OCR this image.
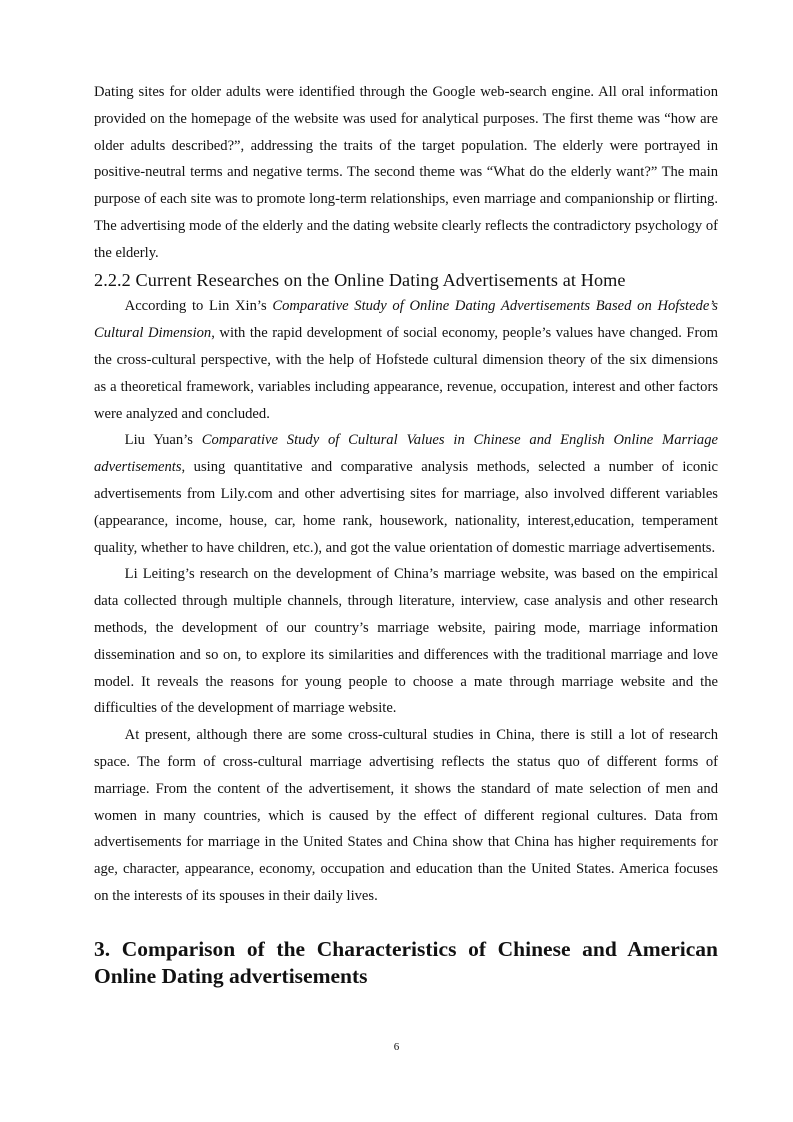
Dating sites for older adults were identified through the Google web-search engine. All oral information provided on the homepage of the website was used for analytical purposes. The first theme was “how are older adults described?”, addressing the traits of the target population. The elderly were portrayed in positive-neutral terms and negative terms. The second theme was “What do the elderly want?” The main purpose of each site was to promote long-term relationships, even marriage and companionship or flirting. The advertising mode of the elderly and the dating website clearly reflects the contradictory psychology of the elderly.

2.2.2 Current Researches on the Online Dating Advertisements at Home

According to Lin Xin’s Comparative Study of Online Dating Advertisements Based on Hofstede’s Cultural Dimension, with the rapid development of social economy, people’s values have changed. From the cross-cultural perspective, with the help of Hofstede cultural dimension theory of the six dimensions as a theoretical framework, variables including appearance, revenue, occupation, interest and other factors were analyzed and concluded.

Liu Yuan’s Comparative Study of Cultural Values in Chinese and English Online Marriage advertisements, using quantitative and comparative analysis methods, selected a number of iconic advertisements from Lily.com and other advertising sites for marriage, also involved different variables (appearance, income, house, car, home rank, housework, nationality, interest,education, temperament quality, whether to have children, etc.), and got the value orientation of domestic marriage advertisements.

Li Leiting’s research on the development of China’s marriage website, was based on the empirical data collected through multiple channels, through literature, interview, case analysis and other research methods, the development of our country’s marriage website, pairing mode, marriage information dissemination and so on, to explore its similarities and differences with the traditional marriage and love model. It reveals the reasons for young people to choose a mate through marriage website and the difficulties of the development of marriage website.

At present, although there are some cross-cultural studies in China, there is still a lot of research space. The form of cross-cultural marriage advertising reflects the status quo of different forms of marriage. From the content of the advertisement, it shows the standard of mate selection of men and women in many countries, which is caused by the effect of different regional cultures. Data from advertisements for marriage in the United States and China show that China has higher requirements for age, character, appearance, economy, occupation and education than the United States. America focuses on the interests of its spouses in their daily lives.

3. Comparison of the Characteristics of Chinese and American Online Dating advertisements

6
